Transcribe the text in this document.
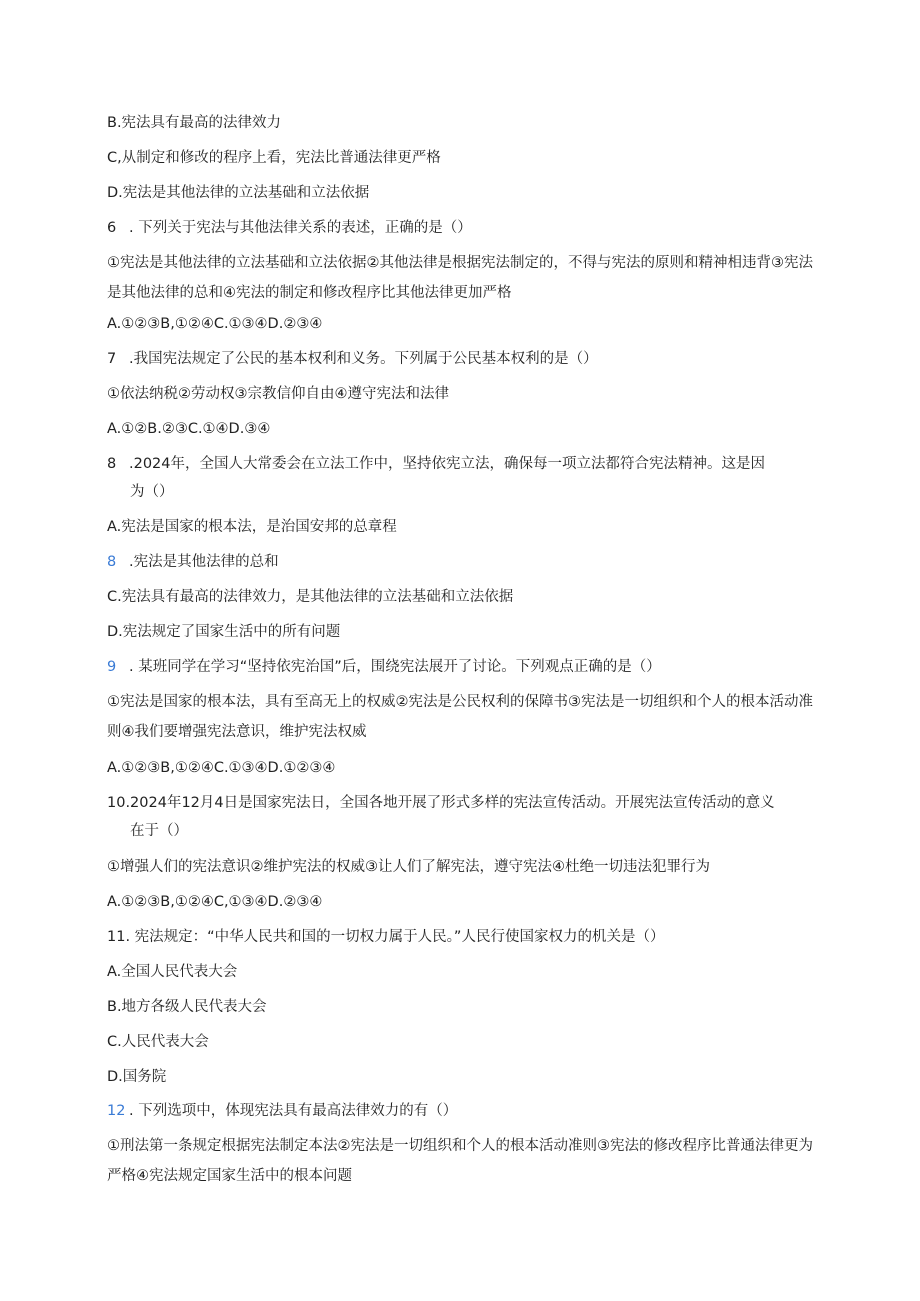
B.宪法具有最高的法律效力
C,从制定和修改的程序上看，宪法比普通法律更严格
D.宪法是其他法律的立法基础和立法依据
6 . 下列关于宪法与其他法律关系的表述，正确的是（）
①宪法是其他法律的立法基础和立法依据②其他法律是根据宪法制定的，不得与宪法的原则和精神相违背③宪法是其他法律的总和④宪法的制定和修改程序比其他法律更加严格
A.①②③B,①②④C.①③④D.②③④
7 .我国宪法规定了公民的基本权利和义务。下列属于公民基本权利的是（）
①依法纳税②劳动权③宗教信仰自由④遵守宪法和法律
A.①②B.②③C.①④D.③④
8 .2024年，全国人大常委会在立法工作中，坚持依宪立法，确保每一项立法都符合宪法精神。这是因
为（）
A.宪法是国家的根本法，是治国安邦的总章程
8 .宪法是其他法律的总和
C.宪法具有最高的法律效力，是其他法律的立法基础和立法依据
D.宪法规定了国家生活中的所有问题
9 . 某班同学在学习“坚持依宪治国”后，围绕宪法展开了讨论。下列观点正确的是（）
①宪法是国家的根本法，具有至高无上的权威②宪法是公民权利的保障书③宪法是一切组织和个人的根本活动准则④我们要增强宪法意识，维护宪法权威
A.①②③B,①②④C.①③④D.①②③④
10.2024年12月4日是国家宪法日，全国各地开展了形式多样的宪法宣传活动。开展宪法宣传活动的意义
在于（）
①增强人们的宪法意识②维护宪法的权威③让人们了解宪法，遵守宪法④杜绝一切违法犯罪行为
A.①②③B,①②④C,①③④D.②③④
11. 宪法规定：“中华人民共和国的一切权力属于人民。”人民行使国家权力的机关是（）
A.全国人民代表大会
B.地方各级人民代表大会
C.人民代表大会
D.国务院
12 . 下列选项中，体现宪法具有最高法律效力的有（）
①刑法第一条规定根据宪法制定本法②宪法是一切组织和个人的根本活动准则③宪法的修改程序比普通法律更为严格④宪法规定国家生活中的根本问题
